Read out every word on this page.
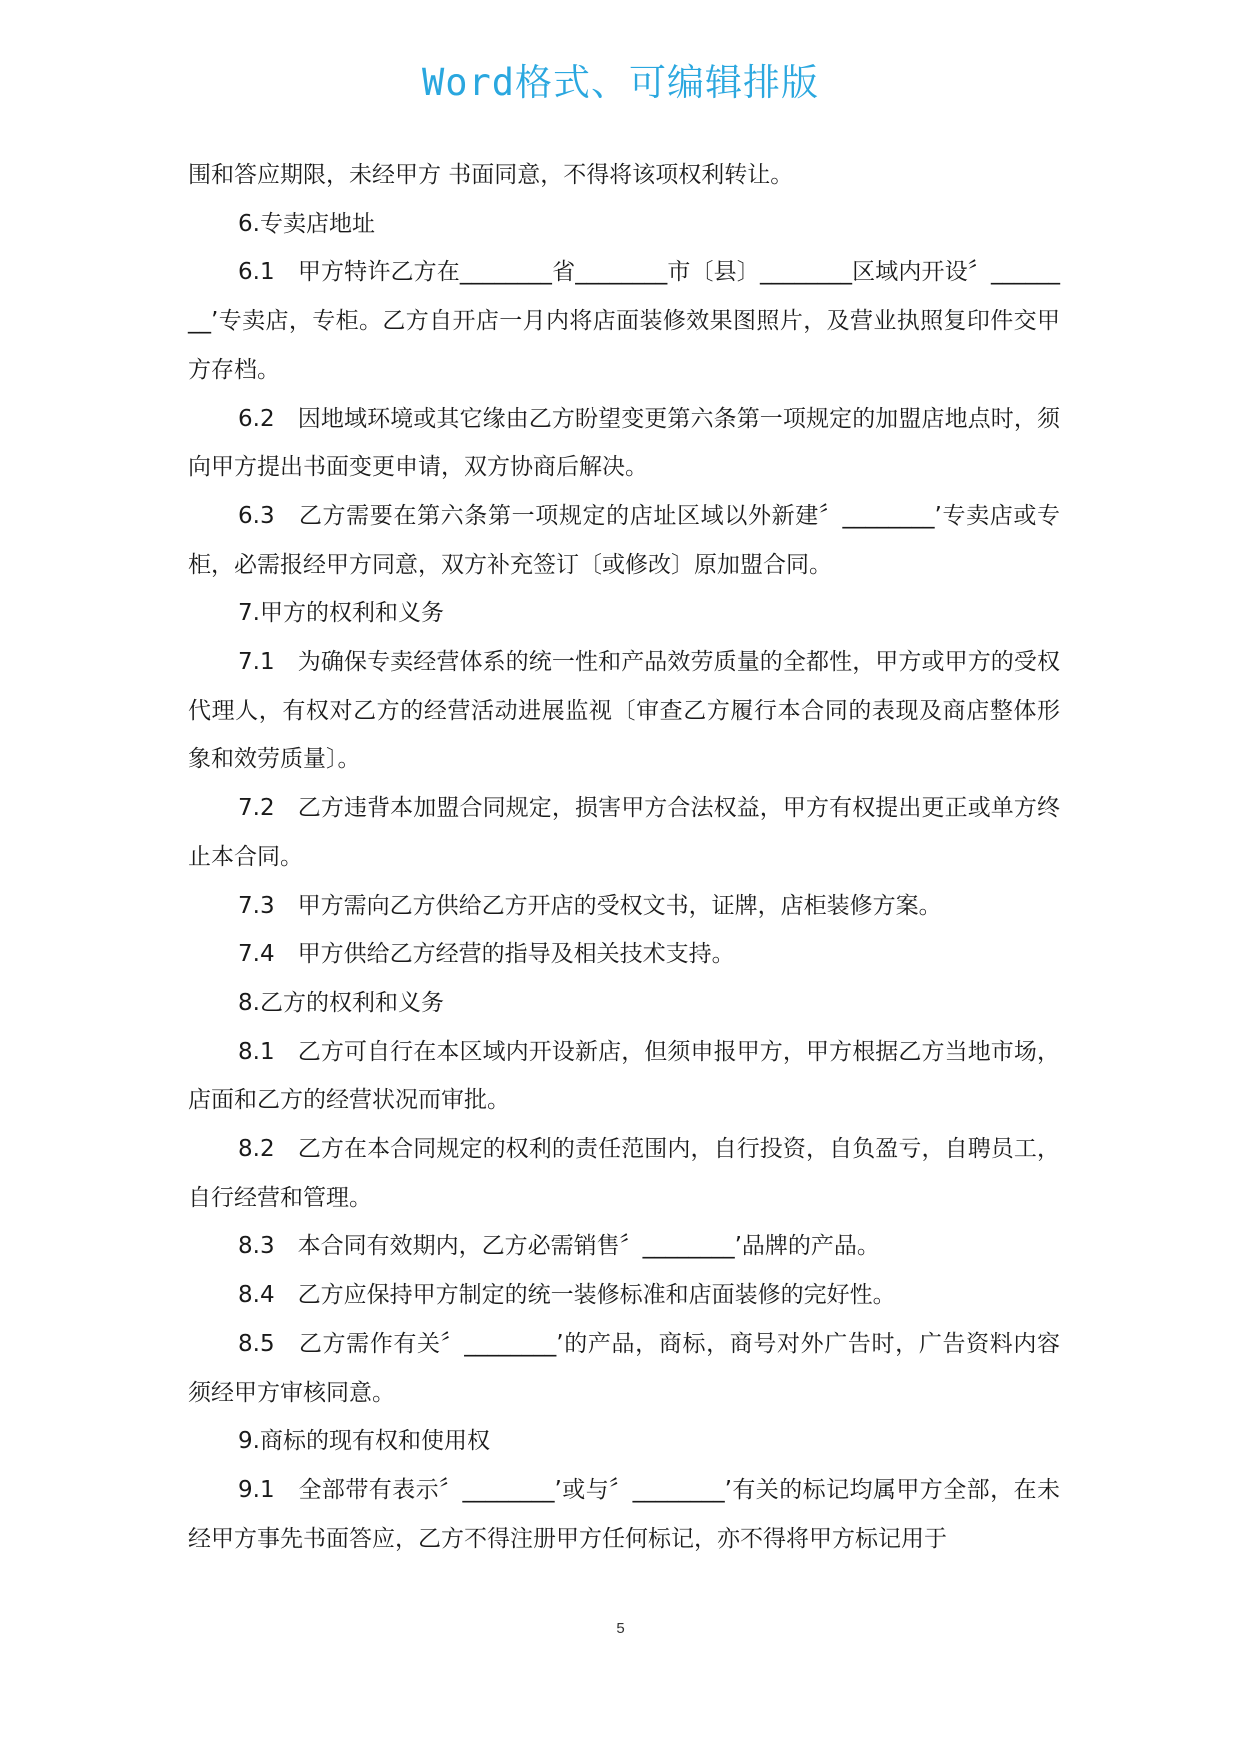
Word格式、可编辑排版

围和答应期限，未经甲方 书面同意，不得将该项权利转让。

6.专卖店地址

6.1　甲方特许乙方在________省________市〔县〕________区域内开设〞________’专卖店，专柜。乙方自开店一月内将店面装修效果图照片，及营业执照复印件交甲方存档。

6.2　因地域环境或其它缘由乙方盼望变更第六条第一项规定的加盟店地点时，须向甲方提出书面变更申请，双方协商后解决。

6.3　乙方需要在第六条第一项规定的店址区域以外新建〞________’专卖店或专柜，必需报经甲方同意，双方补充签订〔或修改〕原加盟合同。

7.甲方的权利和义务

7.1　为确保专卖经营体系的统一性和产品效劳质量的全都性，甲方或甲方的受权代理人，有权对乙方的经营活动进展监视〔审查乙方履行本合同的表现及商店整体形象和效劳质量〕。

7.2　乙方违背本加盟合同规定，损害甲方合法权益，甲方有权提出更正或单方终止本合同。

7.3　甲方需向乙方供给乙方开店的受权文书，证牌，店柜装修方案。

7.4　甲方供给乙方经营的指导及相关技术支持。

8.乙方的权利和义务

8.1　乙方可自行在本区域内开设新店，但须申报甲方，甲方根据乙方当地市场，店面和乙方的经营状况而审批。

8.2　乙方在本合同规定的权利的责任范围内，自行投资，自负盈亏，自聘员工，自行经营和管理。

8.3　本合同有效期内，乙方必需销售〞________’品牌的产品。

8.4　乙方应保持甲方制定的统一装修标准和店面装修的完好性。

8.5　乙方需作有关〞________’的产品，商标，商号对外广告时，广告资料内容须经甲方审核同意。

9.商标的现有权和使用权

9.1　全部带有表示〞________’或与〞________’有关的标记均属甲方全部，在未经甲方事先书面答应，乙方不得注册甲方任何标记，亦不得将甲方标记用于

5
